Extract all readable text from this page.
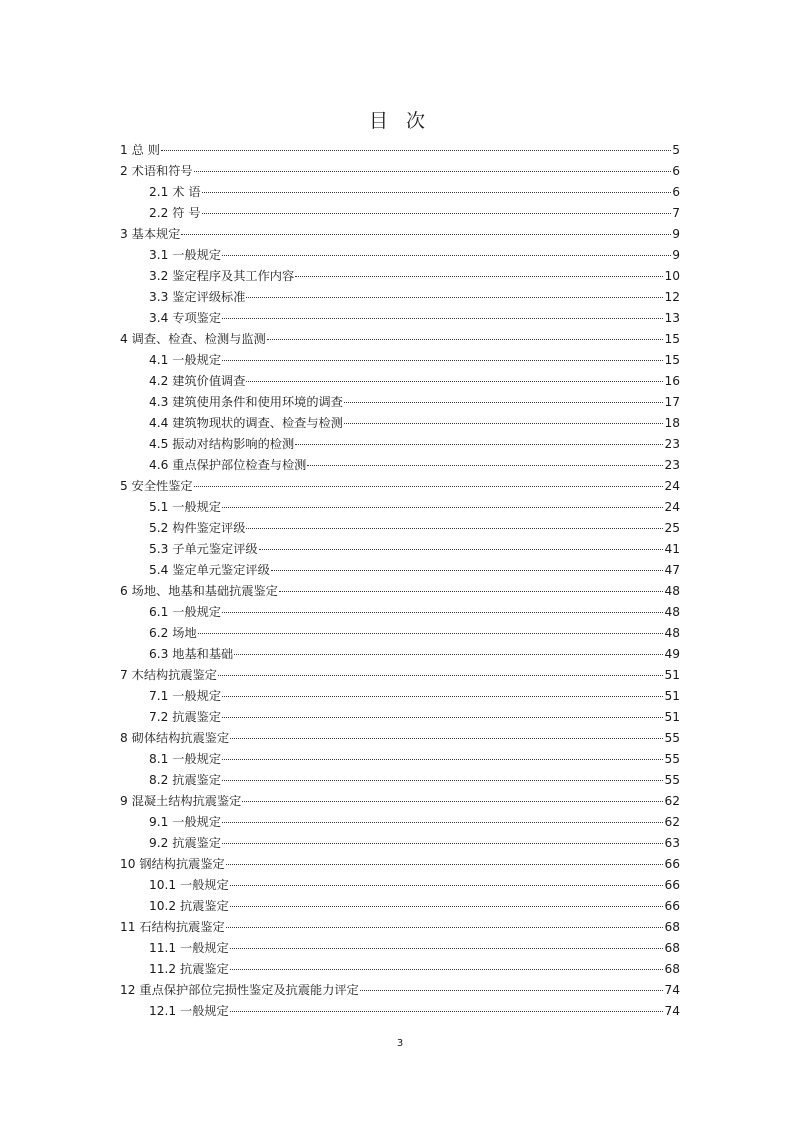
目 次
1 总 则	5
2 术语和符号	6
2.1 术 语	6
2.2 符 号	7
3 基本规定	9
3.1 一般规定	9
3.2 鉴定程序及其工作内容	10
3.3 鉴定评级标准	12
3.4 专项鉴定	13
4 调查、检查、检测与监测	15
4.1 一般规定	15
4.2 建筑价值调查	16
4.3 建筑使用条件和使用环境的调查	17
4.4 建筑物现状的调查、检查与检测	18
4.5 振动对结构影响的检测	23
4.6 重点保护部位检查与检测	23
5 安全性鉴定	24
5.1 一般规定	24
5.2 构件鉴定评级	25
5.3 子单元鉴定评级	41
5.4 鉴定单元鉴定评级	47
6 场地、地基和基础抗震鉴定	48
6.1 一般规定	48
6.2 场地	48
6.3 地基和基础	49
7 木结构抗震鉴定	51
7.1 一般规定	51
7.2 抗震鉴定	51
8 砌体结构抗震鉴定	55
8.1 一般规定	55
8.2 抗震鉴定	55
9 混凝土结构抗震鉴定	62
9.1 一般规定	62
9.2 抗震鉴定	63
10 钢结构抗震鉴定	66
10.1 一般规定	66
10.2 抗震鉴定	66
11 石结构抗震鉴定	68
11.1 一般规定	68
11.2 抗震鉴定	68
12 重点保护部位完损性鉴定及抗震能力评定	74
12.1 一般规定	74
3
